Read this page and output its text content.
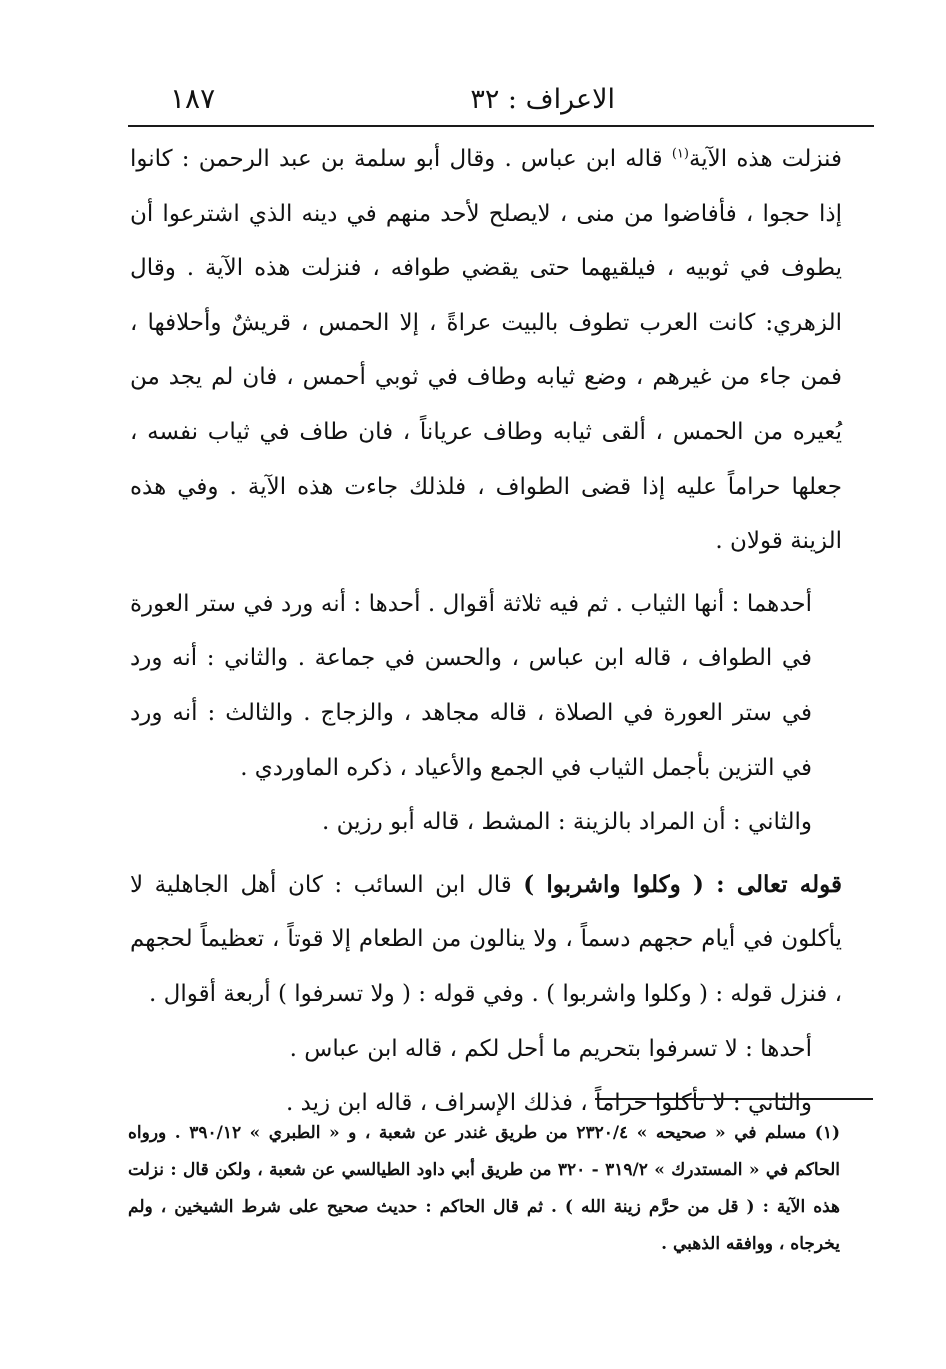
الاعراف : ٣٢
١٨٧

فنزلت هذه الآية$^{(١)}$ قاله ابن عباس . وقال أبو سلمة بن عبد الرحمن : كانوا إذا حجوا ، فأفاضوا من منى ، لايصلح لأحد منهم في دينه الذي اشترعوا أن يطوف في ثوبيه ، فيلقيهما حتى يقضي طوافه ، فنزلت هذه الآية . وقال الزهري: كانت العرب تطوف بالبيت عراةً ، إلا الحمس ، قريشٌ وأحلافها ، فمن جاء من غيرهم ، وضع ثيابه وطاف في ثوبي أحمس ، فان لم يجد من يُعيره من الحمس ، ألقى ثيابه وطاف عرياناً ، فان طاف في ثياب نفسه ، جعلها حراماً عليه إذا قضى الطواف ، فلذلك جاءت هذه الآية . وفي هذه الزينة قولان .

أحدهما : أنها الثياب . ثم فيه ثلاثة أقوال . أحدها : أنه ورد في ستر العورة في الطواف ، قاله ابن عباس ، والحسن في جماعة . والثاني : أنه ورد في ستر العورة في الصلاة ، قاله مجاهد ، والزجاج . والثالث : أنه ورد في التزين بأجمل الثياب في الجمع والأعياد ، ذكره الماوردي .

والثاني : أن المراد بالزينة : المشط ، قاله أبو رزين .

قوله تعالى : ( وكلوا واشربوا ) قال ابن السائب : كان أهل الجاهلية لا يأكلون في أيام حجهم دسماً ، ولا ينالون من الطعام إلا قوتاً ، تعظيماً لحجهم ، فنزل قوله : ( وكلوا واشربوا ) . وفي قوله : ( ولا تسرفوا ) أربعة أقوال .

أحدها : لا تسرفوا بتحريم ما أحل لكم ، قاله ابن عباس .

والثاني : لا تأكلوا حراماً ، فذلك الإسراف ، قاله ابن زيد .

(١) مسلم في « صحيحه » ٢٣٢٠/٤ من طريق غندر عن شعبة ، و « الطبري » ٣٩٠/١٢ . ورواه الحاكم في « المستدرك » ٣١٩/٢ - ٣٢٠ من طريق أبي داود الطيالسي عن شعبة ، ولكن قال : نزلت هذه الآية : ( قل من حرَّم زينة الله ) . ثم قال الحاكم : حديث صحيح على شرط الشيخين ، ولم يخرجاه ، ووافقه الذهبي .
